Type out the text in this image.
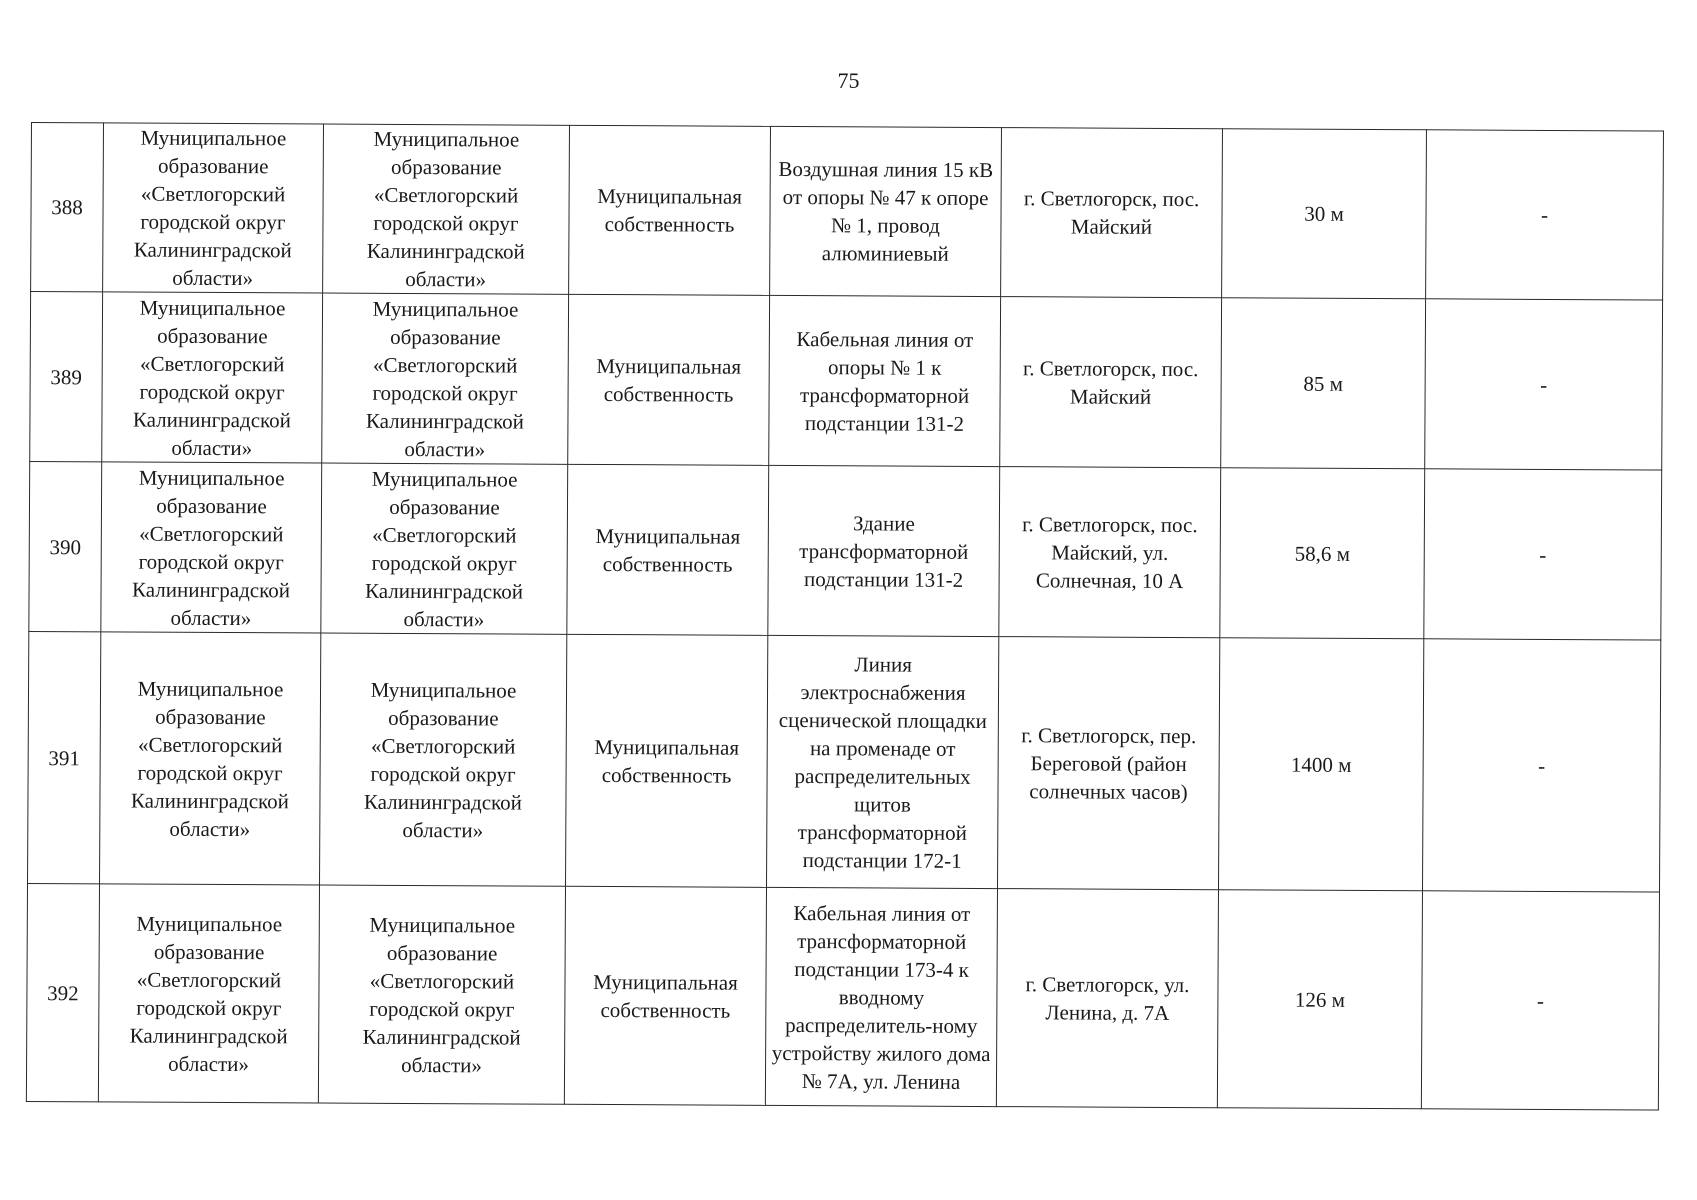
75
388	Муниципальное образование «Светлогорский городской округ Калининградской области»	Муниципальное образование «Светлогорский городской округ Калининградской области»	Муниципальная собственность	Воздушная линия 15 кВ от опоры № 47 к опоре № 1, провод алюминиевый	г. Светлогорск, пос. Майский	30 м	-
389	Муниципальное образование «Светлогорский городской округ Калининградской области»	Муниципальное образование «Светлогорский городской округ Калининградской области»	Муниципальная собственность	Кабельная линия от опоры № 1 к трансформаторной подстанции 131-2	г. Светлогорск, пос. Майский	85 м	-
390	Муниципальное образование «Светлогорский городской округ Калининградской области»	Муниципальное образование «Светлогорский городской округ Калининградской области»	Муниципальная собственность	Здание трансформаторной подстанции 131-2	г. Светлогорск, пос. Майский, ул. Солнечная, 10 А	58,6 м	-
391	Муниципальное образование «Светлогорский городской округ Калининградской области»	Муниципальное образование «Светлогорский городской округ Калининградской области»	Муниципальная собственность	Линия электроснабжения сценической площадки на променаде от распределительных щитов трансформаторной подстанции 172-1	г. Светлогорск, пер. Береговой (район солнечных часов)	1400 м	-
392	Муниципальное образование «Светлогорский городской округ Калининградской области»	Муниципальное образование «Светлогорский городской округ Калининградской области»	Муниципальная собственность	Кабельная линия от трансформаторной подстанции 173-4 к вводному распределитель-ному устройству жилого дома № 7А, ул. Ленина	г. Светлогорск, ул. Ленина, д. 7А	126 м	-
